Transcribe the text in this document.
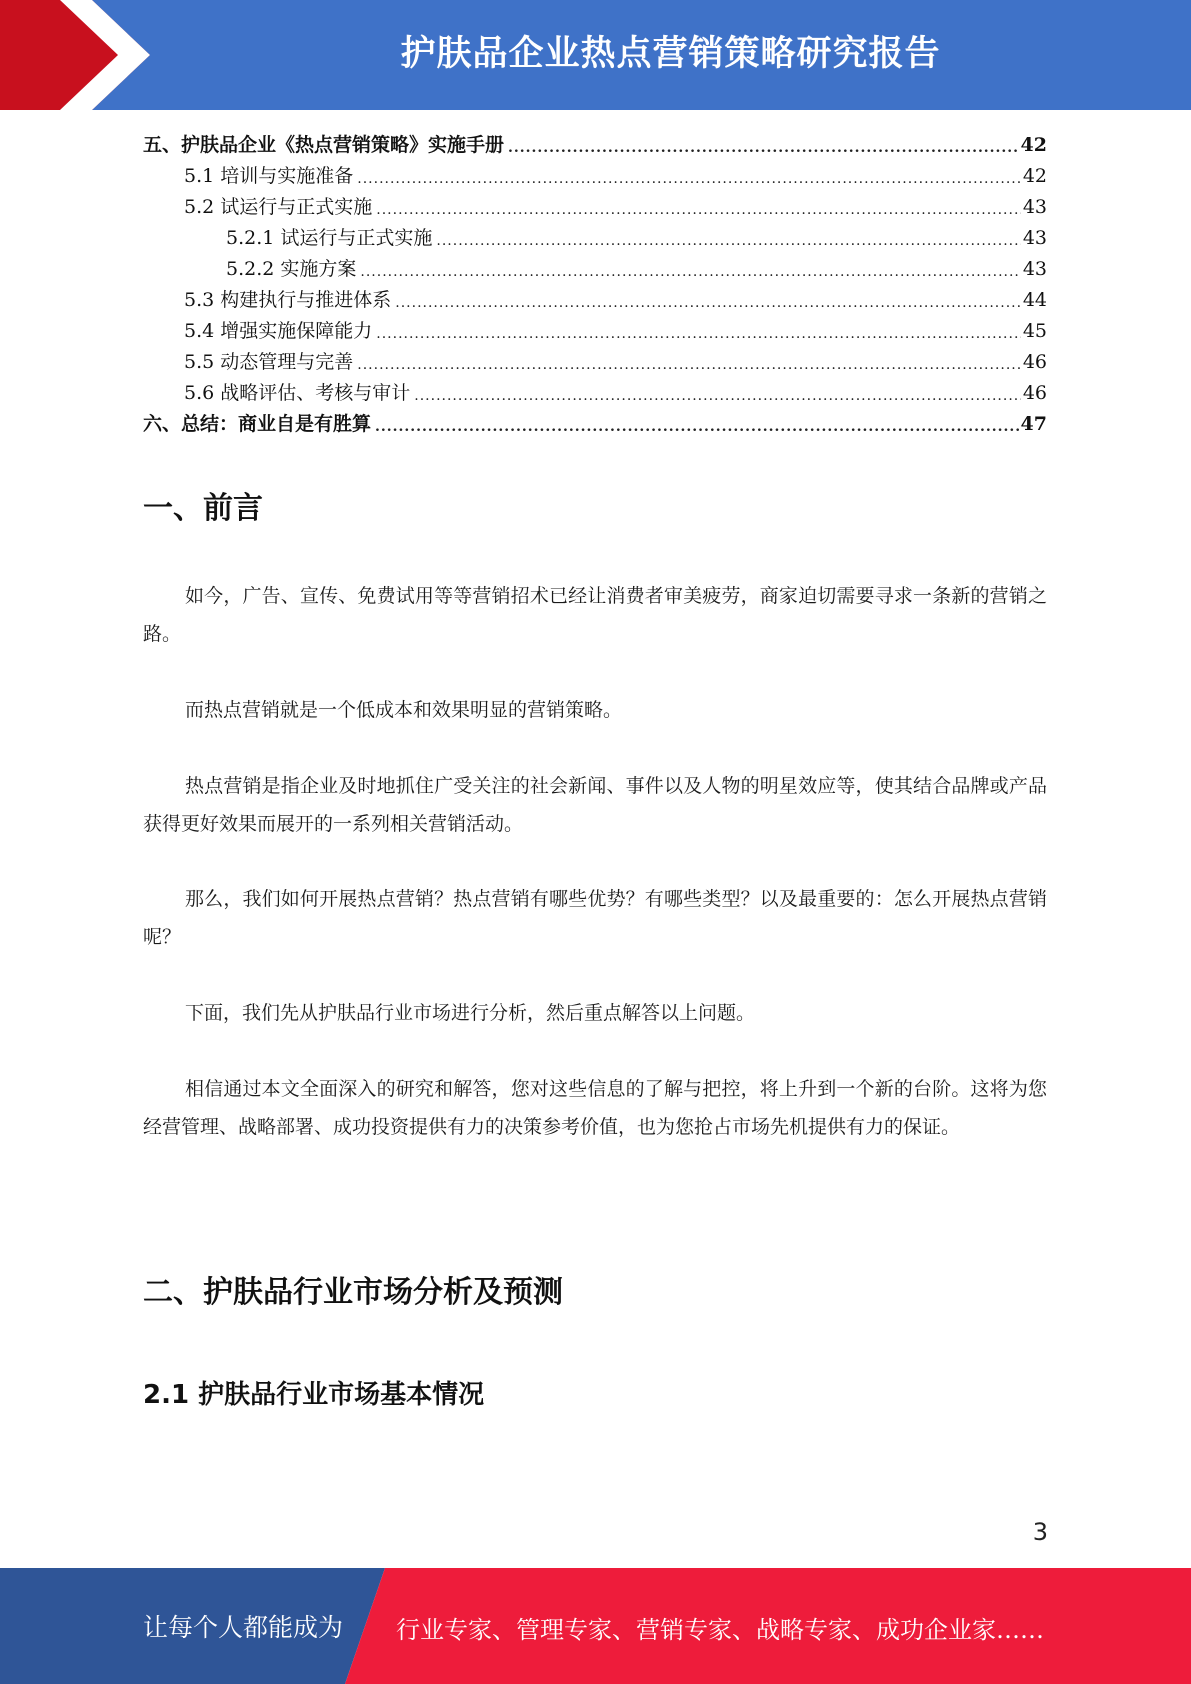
护肤品企业热点营销策略研究报告
五、护肤品企业《热点营销策略》实施手册 .....	42
5.1 培训与实施准备 .....	42
5.2 试运行与正式实施 .....	43
5.2.1 试运行与正式实施 .....	43
5.2.2 实施方案 .....	43
5.3 构建执行与推进体系 .....	44
5.4 增强实施保障能力 .....	45
5.5 动态管理与完善 .....	46
5.6 战略评估、考核与审计 .....	46
六、总结：商业自是有胜算 .....	47
一、前言

如今，广告、宣传、免费试用等等营销招术已经让消费者审美疲劳，商家迫切需要寻求一条新的营销之路。

而热点营销就是一个低成本和效果明显的营销策略。

热点营销是指企业及时地抓住广受关注的社会新闻、事件以及人物的明星效应等，使其结合品牌或产品获得更好效果而展开的一系列相关营销活动。

那么，我们如何开展热点营销？热点营销有哪些优势？有哪些类型？以及最重要的：怎么开展热点营销呢？

下面，我们先从护肤品行业市场进行分析，然后重点解答以上问题。

相信通过本文全面深入的研究和解答，您对这些信息的了解与把控，将上升到一个新的台阶。这将为您经营管理、战略部署、成功投资提供有力的决策参考价值，也为您抢占市场先机提供有力的保证。

二、护肤品行业市场分析及预测
2.1 护肤品行业市场基本情况
3
让每个人都能成为 行业专家、管理专家、营销专家、战略专家、成功企业家……
